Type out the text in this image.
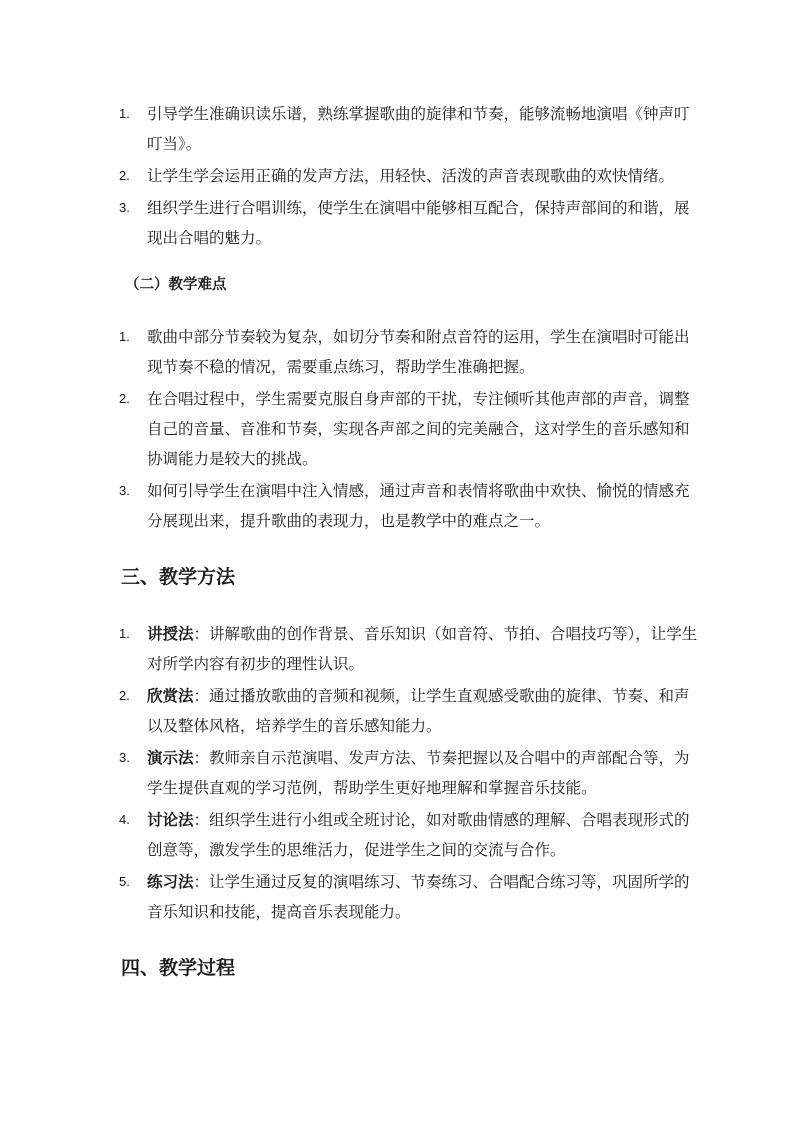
1. 引导学生准确识读乐谱，熟练掌握歌曲的旋律和节奏，能够流畅地演唱《钟声叮叮当》。
2. 让学生学会运用正确的发声方法，用轻快、活泼的声音表现歌曲的欢快情绪。
3. 组织学生进行合唱训练，使学生在演唱中能够相互配合，保持声部间的和谐，展现出合唱的魅力。
（二）教学难点
1. 歌曲中部分节奏较为复杂，如切分节奏和附点音符的运用，学生在演唱时可能出现节奏不稳的情况，需要重点练习，帮助学生准确把握。
2. 在合唱过程中，学生需要克服自身声部的干扰，专注倾听其他声部的声音，调整自己的音量、音准和节奏，实现各声部之间的完美融合，这对学生的音乐感知和协调能力是较大的挑战。
3. 如何引导学生在演唱中注入情感，通过声音和表情将歌曲中欢快、愉悦的情感充分展现出来，提升歌曲的表现力，也是教学中的难点之一。
三、教学方法
1. 讲授法：讲解歌曲的创作背景、音乐知识（如音符、节拍、合唱技巧等），让学生对所学内容有初步的理性认识。
2. 欣赏法：通过播放歌曲的音频和视频，让学生直观感受歌曲的旋律、节奏、和声以及整体风格，培养学生的音乐感知能力。
3. 演示法：教师亲自示范演唱、发声方法、节奏把握以及合唱中的声部配合等，为学生提供直观的学习范例，帮助学生更好地理解和掌握音乐技能。
4. 讨论法：组织学生进行小组或全班讨论，如对歌曲情感的理解、合唱表现形式的创意等，激发学生的思维活力，促进学生之间的交流与合作。
5. 练习法：让学生通过反复的演唱练习、节奏练习、合唱配合练习等，巩固所学的音乐知识和技能，提高音乐表现能力。
四、教学过程
